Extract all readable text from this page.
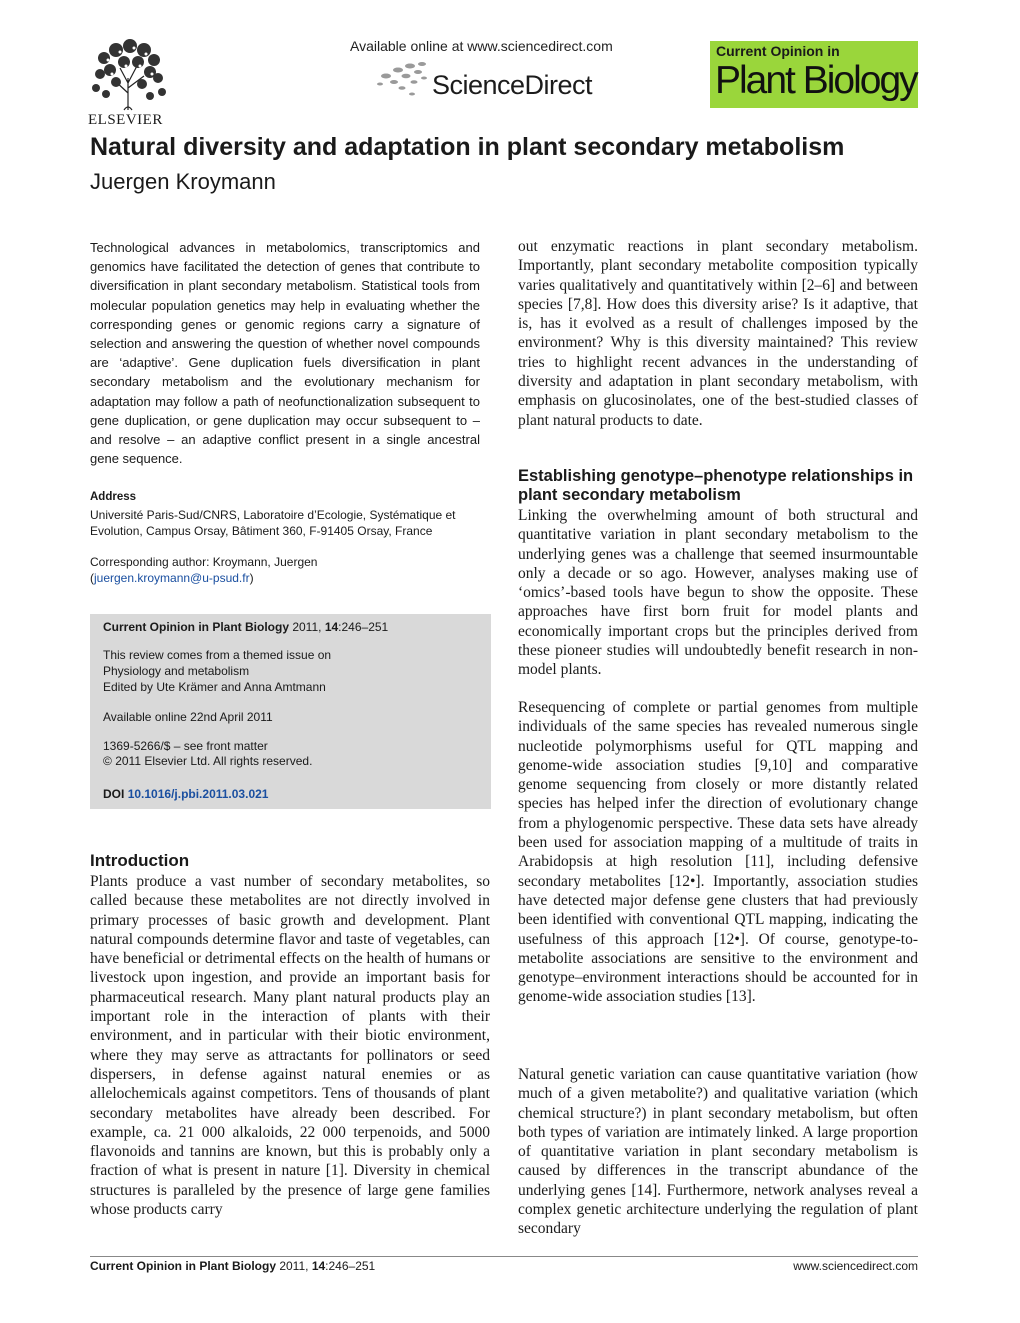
ELSEVIER
Available online at www.sciencedirect.com
ScienceDirect
Current Opinion in
Plant Biology
Natural diversity and adaptation in plant secondary metabolism
Juergen Kroymann

Technological advances in metabolomics, transcriptomics and genomics have facilitated the detection of genes that contribute to diversification in plant secondary metabolism. Statistical tools from molecular population genetics may help in evaluating whether the corresponding genes or genomic regions carry a signature of selection and answering the question of whether novel compounds are ‘adaptive’. Gene duplication fuels diversification in plant secondary metabolism and the evolutionary mechanism for adaptation may follow a path of neofunctionalization subsequent to gene duplication, or gene duplication may occur subsequent to – and resolve – an adaptive conflict present in a single ancestral gene sequence.

Address
Université Paris-Sud/CNRS, Laboratoire d’Ecologie, Systématique et Evolution, Campus Orsay, Bâtiment 360, F-91405 Orsay, France
Corresponding author: Kroymann, Juergen
(juergen.kroymann@u-psud.fr)
Current Opinion in Plant Biology 2011, 14:246–251
This review comes from a themed issue on
Physiology and metabolism
Edited by Ute Krämer and Anna Amtmann
Available online 22nd April 2011
1369-5266/$ – see front matter
© 2011 Elsevier Ltd. All rights reserved.
DOI 10.1016/j.pbi.2011.03.021
Introduction

Plants produce a vast number of secondary metabolites, so called because these metabolites are not directly involved in primary processes of basic growth and development. Plant natural compounds determine flavor and taste of vegetables, can have beneficial or detrimental effects on the health of humans or livestock upon ingestion, and provide an important basis for pharmaceutical research. Many plant natural products play an important role in the interaction of plants with their environment, and in particular with their biotic environment, where they may serve as attractants for pollinators or seed dispersers, in defense against natural enemies or as allelochemicals against competitors. Tens of thousands of plant secondary metabolites have already been described. For example, ca. 21 000 alkaloids, 22 000 terpenoids, and 5000 flavonoids and tannins are known, but this is probably only a fraction of what is present in nature [1]. Diversity in chemical structures is paralleled by the presence of large gene families whose products carry

out enzymatic reactions in plant secondary metabolism. Importantly, plant secondary metabolite composition typically varies qualitatively and quantitatively within [2–6] and between species [7,8]. How does this diversity arise? Is it adaptive, that is, has it evolved as a result of challenges imposed by the environment? Why is this diversity maintained? This review tries to highlight recent advances in the understanding of diversity and adaptation in plant secondary metabolism, with emphasis on glucosinolates, one of the best-studied classes of plant natural products to date.

Establishing genotype–phenotype relationships in plant secondary metabolism

Linking the overwhelming amount of both structural and quantitative variation in plant secondary metabolism to the underlying genes was a challenge that seemed insurmountable only a decade or so ago. However, analyses making use of ‘omics’-based tools have begun to show the opposite. These approaches have first born fruit for model plants and economically important crops but the principles derived from these pioneer studies will undoubtedly benefit research in non-model plants.

Resequencing of complete or partial genomes from multiple individuals of the same species has revealed numerous single nucleotide polymorphisms useful for QTL mapping and genome-wide association studies [9,10] and comparative genome sequencing from closely or more distantly related species has helped infer the direction of evolutionary change from a phylogenomic perspective. These data sets have already been used for association mapping of a multitude of traits in Arabidopsis at high resolution [11], including defensive secondary metabolites [12•]. Importantly, association studies have detected major defense gene clusters that had previously been identified with conventional QTL mapping, indicating the usefulness of this approach [12•]. Of course, genotype-to-metabolite associations are sensitive to the environment and genotype–environment interactions should be accounted for in genome-wide association studies [13].

Natural genetic variation can cause quantitative variation (how much of a given metabolite?) and qualitative variation (which chemical structure?) in plant secondary metabolism, but often both types of variation are intimately linked. A large proportion of quantitative variation in plant secondary metabolism is caused by differences in the transcript abundance of the underlying genes [14]. Furthermore, network analyses reveal a complex genetic architecture underlying the regulation of plant secondary

Current Opinion in Plant Biology 2011, 14:246–251	www.sciencedirect.com
